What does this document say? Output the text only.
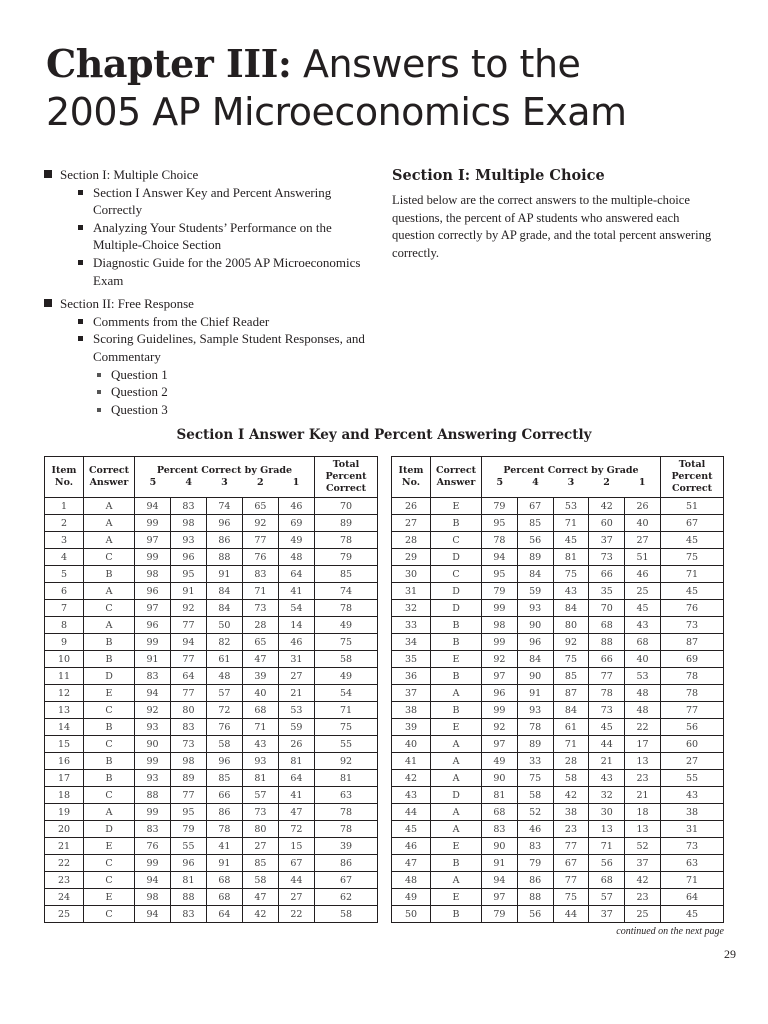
Chapter III: Answers to the
2005 AP Microeconomics Exam
Section I: Multiple Choice
Section I Answer Key and Percent Answering Correctly
Analyzing Your Students’ Performance on the Multiple-Choice Section
Diagnostic Guide for the 2005 AP Microeconomics Exam
Section II: Free Response
Comments from the Chief Reader
Scoring Guidelines, Sample Student Responses, and Commentary
Question 1
Question 2
Question 3
Section I: Multiple Choice
Listed below are the correct answers to the multiple-choice questions, the percent of AP students who answered each question correctly by AP grade, and the total percent answering correctly.
Section I Answer Key and Percent Answering Correctly
Item No.	Correct Answer	
Percent Correct by Grade
5	4	3	2	1
	Total Percent Correct
1	A	94	83	74	65	46	70
2	A	99	98	96	92	69	89
3	A	97	93	86	77	49	78
4	C	99	96	88	76	48	79
5	B	98	95	91	83	64	85
6	A	96	91	84	71	41	74
7	C	97	92	84	73	54	78
8	A	96	77	50	28	14	49
9	B	99	94	82	65	46	75
10	B	91	77	61	47	31	58
11	D	83	64	48	39	27	49
12	E	94	77	57	40	21	54
13	C	92	80	72	68	53	71
14	B	93	83	76	71	59	75
15	C	90	73	58	43	26	55
16	B	99	98	96	93	81	92
17	B	93	89	85	81	64	81
18	C	88	77	66	57	41	63
19	A	99	95	86	73	47	78
20	D	83	79	78	80	72	78
21	E	76	55	41	27	15	39
22	C	99	96	91	85	67	86
23	C	94	81	68	58	44	67
24	E	98	88	68	47	27	62
25	C	94	83	64	42	22	58
Item No.	Correct Answer	
Percent Correct by Grade
5	4	3	2	1
	Total Percent Correct
26	E	79	67	53	42	26	51
27	B	95	85	71	60	40	67
28	C	78	56	45	37	27	45
29	D	94	89	81	73	51	75
30	C	95	84	75	66	46	71
31	D	79	59	43	35	25	45
32	D	99	93	84	70	45	76
33	B	98	90	80	68	43	73
34	B	99	96	92	88	68	87
35	E	92	84	75	66	40	69
36	B	97	90	85	77	53	78
37	A	96	91	87	78	48	78
38	B	99	93	84	73	48	77
39	E	92	78	61	45	22	56
40	A	97	89	71	44	17	60
41	A	49	33	28	21	13	27
42	A	90	75	58	43	23	55
43	D	81	58	42	32	21	43
44	A	68	52	38	30	18	38
45	A	83	46	23	13	13	31
46	E	90	83	77	71	52	73
47	B	91	79	67	56	37	63
48	A	94	86	77	68	42	71
49	E	97	88	75	57	23	64
50	B	79	56	44	37	25	45
continued on the next page
29
